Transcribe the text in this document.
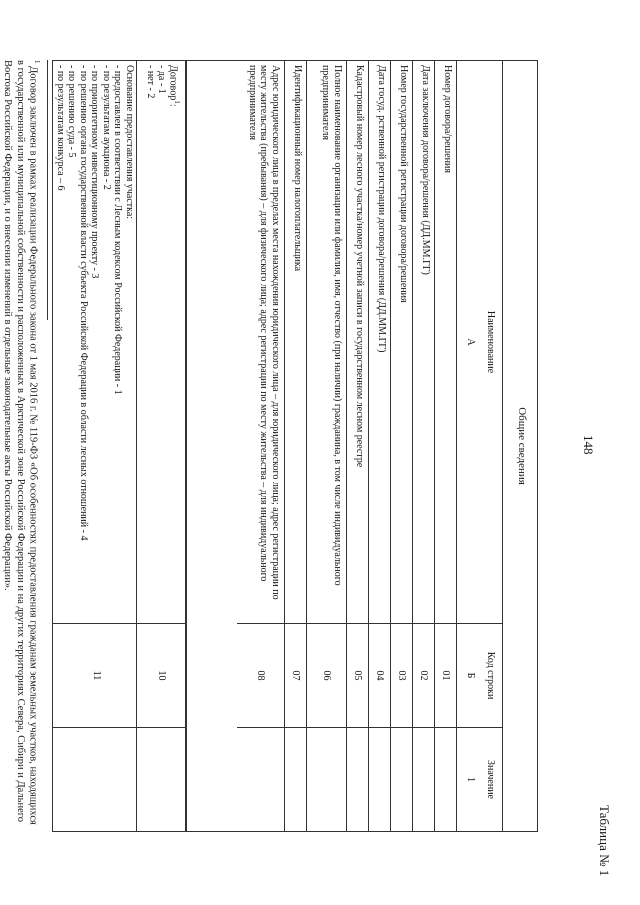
148
Таблица № 1
Общие сведения
Наименование
А
Код строки
Б
Значение
1
Номер договора/решения
01
Дата заключения договора/решения (ДД.ММ.ГГ)
02
Номер государственной регистрации договора/решения
03
Дата госуд. рственной регистрации договора/решения (ДД.ММ.ГГ)
04
Кадастровый номер лесного участка/номер учетной записи в государственном лесном реестре
05
Полное наименование организации или фамилия, имя, отчество (при наличии) гражданина, в том числе индивидуального предпринимателя
06
Идентификационный номер налогоплательщика
07
Адрес юридического лица в пределах места нахождения юридического лица – для юридического лица; адрес регистрации по месту жительства (пребывания) – для физического лица; адрес регистрации по месту жительства – для индивидуального предпринимателя
08
Договор$^1$:
- да - 1
- нет - 2
10
Основание предоставления участка:
- предоставлен в соответствии с Лесным кодексом Российской Федерации - 1
- по результатам аукциона - 2
- по приоритетному инвестиционному проекту - 3
- по решению органа государственной власти субъекта Российской Федерации в области лесных отношений - 4
- по решению суда - 5
- по результатам конкурса – 6
11
$^1$ Договор заключен в рамках реализации Федерального закона от 1 мая 2016 г. № 119-ФЗ «Об особенностях предоставления гражданам земельных участков, находящихся в государственной или муниципальной собственности и расположенных в Арктической зоне Российской Федерации и на других территориях Севера, Сибири и Дальнего Востока Российской Федерации, и о внесении изменений в отдельные законодательные акты Российской Федерации».
